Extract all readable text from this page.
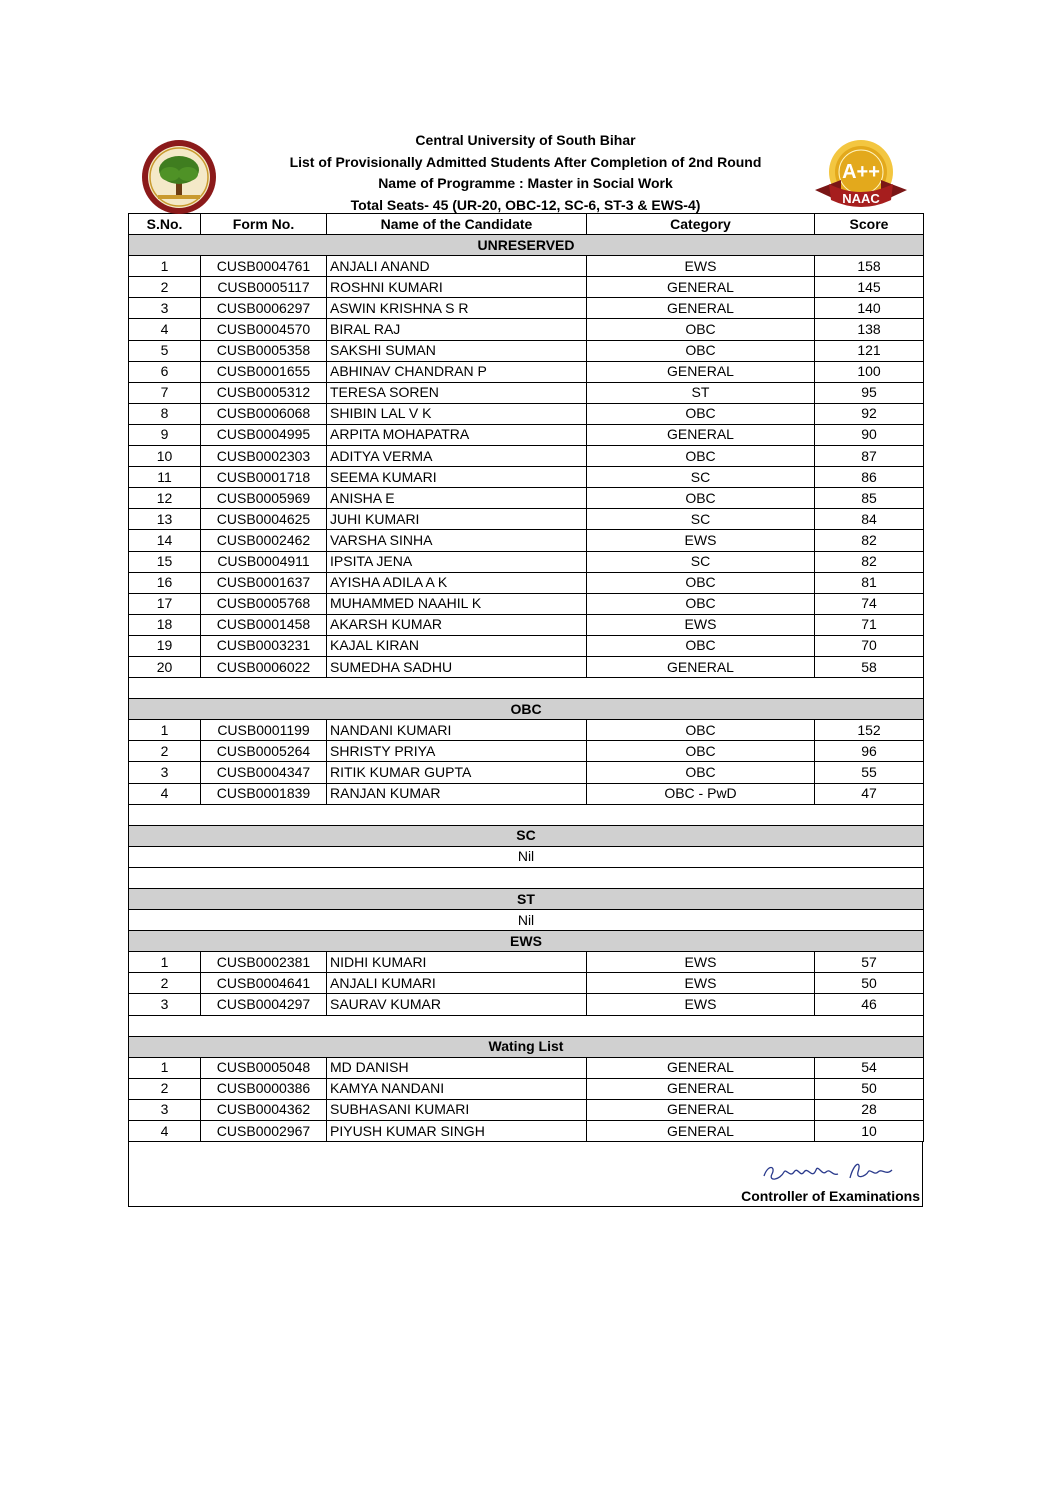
Central University of South Bihar
List of Provisionally Admitted Students After Completion of 2nd Round
Name of Programme : Master in Social Work
Total Seats- 45 (UR-20, OBC-12, SC-6, ST-3 & EWS-4)
A++
NAAC
S.No.	Form No.	Name of the Candidate	Category	Score
UNRESERVED				
1	CUSB0004761	ANJALI ANAND	EWS	158
2	CUSB0005117	ROSHNI KUMARI	GENERAL	145
3	CUSB0006297	ASWIN KRISHNA S R	GENERAL	140
4	CUSB0004570	BIRAL RAJ	OBC	138
5	CUSB0005358	SAKSHI SUMAN	OBC	121
6	CUSB0001655	ABHINAV CHANDRAN P	GENERAL	100
7	CUSB0005312	TERESA SOREN	ST	95
8	CUSB0006068	SHIBIN LAL V K	OBC	92
9	CUSB0004995	ARPITA MOHAPATRA	GENERAL	90
10	CUSB0002303	ADITYA VERMA	OBC	87
11	CUSB0001718	SEEMA KUMARI	SC	86
12	CUSB0005969	ANISHA E	OBC	85
13	CUSB0004625	JUHI KUMARI	SC	84
14	CUSB0002462	VARSHA SINHA	EWS	82
15	CUSB0004911	IPSITA JENA	SC	82
16	CUSB0001637	AYISHA ADILA A K	OBC	81
17	CUSB0005768	MUHAMMED NAAHIL K	OBC	74
18	CUSB0001458	AKARSH KUMAR	EWS	71
19	CUSB0003231	KAJAL KIRAN	OBC	70
20	CUSB0006022	SUMEDHA SADHU	GENERAL	58

OBC				
1	CUSB0001199	NANDANI KUMARI	OBC	152
2	CUSB0005264	SHRISTY PRIYA	OBC	96
3	CUSB0004347	RITIK KUMAR GUPTA	OBC	55
4	CUSB0001839	RANJAN KUMAR	OBC - PwD	47

SC				
Nil				

ST				
Nil				
EWS				
1	CUSB0002381	NIDHI KUMARI	EWS	57
2	CUSB0004641	ANJALI KUMARI	EWS	50
3	CUSB0004297	SAURAV KUMAR	EWS	46

Wating List				
1	CUSB0005048	MD DANISH	GENERAL	54
2	CUSB0000386	KAMYA NANDANI	GENERAL	50
3	CUSB0004362	SUBHASANI KUMARI	GENERAL	28
4	CUSB0002967	PIYUSH KUMAR SINGH	GENERAL	10
Controller of Examinations
